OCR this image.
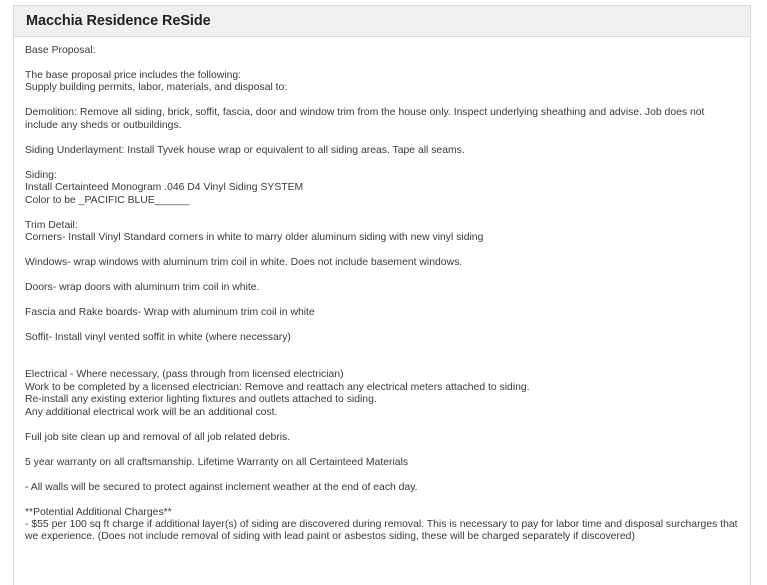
Macchia Residence ReSide
Base Proposal:
The base proposal price includes the following:
Supply building permits, labor, materials, and disposal to:
Demolition: Remove all siding, brick, soffit, fascia, door and window trim from the house only. Inspect underlying sheathing and advise. Job does not include any sheds or outbuildings.
Siding Underlayment: Install Tyvek house wrap or equivalent to all siding areas. Tape all seams.
Siding:
Install Certainteed Monogram .046 D4 Vinyl Siding SYSTEM
Color to be _PACIFIC BLUE______
Trim Detail:
Corners- Install Vinyl Standard corners in white to marry older aluminum siding with new vinyl siding
Windows- wrap windows with aluminum trim coil in white. Does not include basement windows.
Doors- wrap doors with aluminum trim coil in white.
Fascia and Rake boards- Wrap with aluminum trim coil in white
Soffit- Install vinyl vented soffit in white (where necessary)
Electrical - Where necessary, (pass through from licensed electrician)
Work to be completed by a licensed electrician: Remove and reattach any electrical meters attached to siding.
Re-install any existing exterior lighting fixtures and outlets attached to siding.
Any additional electrical work will be an additional cost.
Full job site clean up and removal of all job related debris.
5 year warranty on all craftsmanship. Lifetime Warranty on all Certainteed Materials
- All walls will be secured to protect against inclement weather at the end of each day.
**Potential Additional Charges**
- $55 per 100 sq ft charge if additional layer(s) of siding are discovered during removal. This is necessary to pay for labor time and disposal surcharges that we experience. (Does not include removal of siding with lead paint or asbestos siding, these will be charged separately if discovered)
